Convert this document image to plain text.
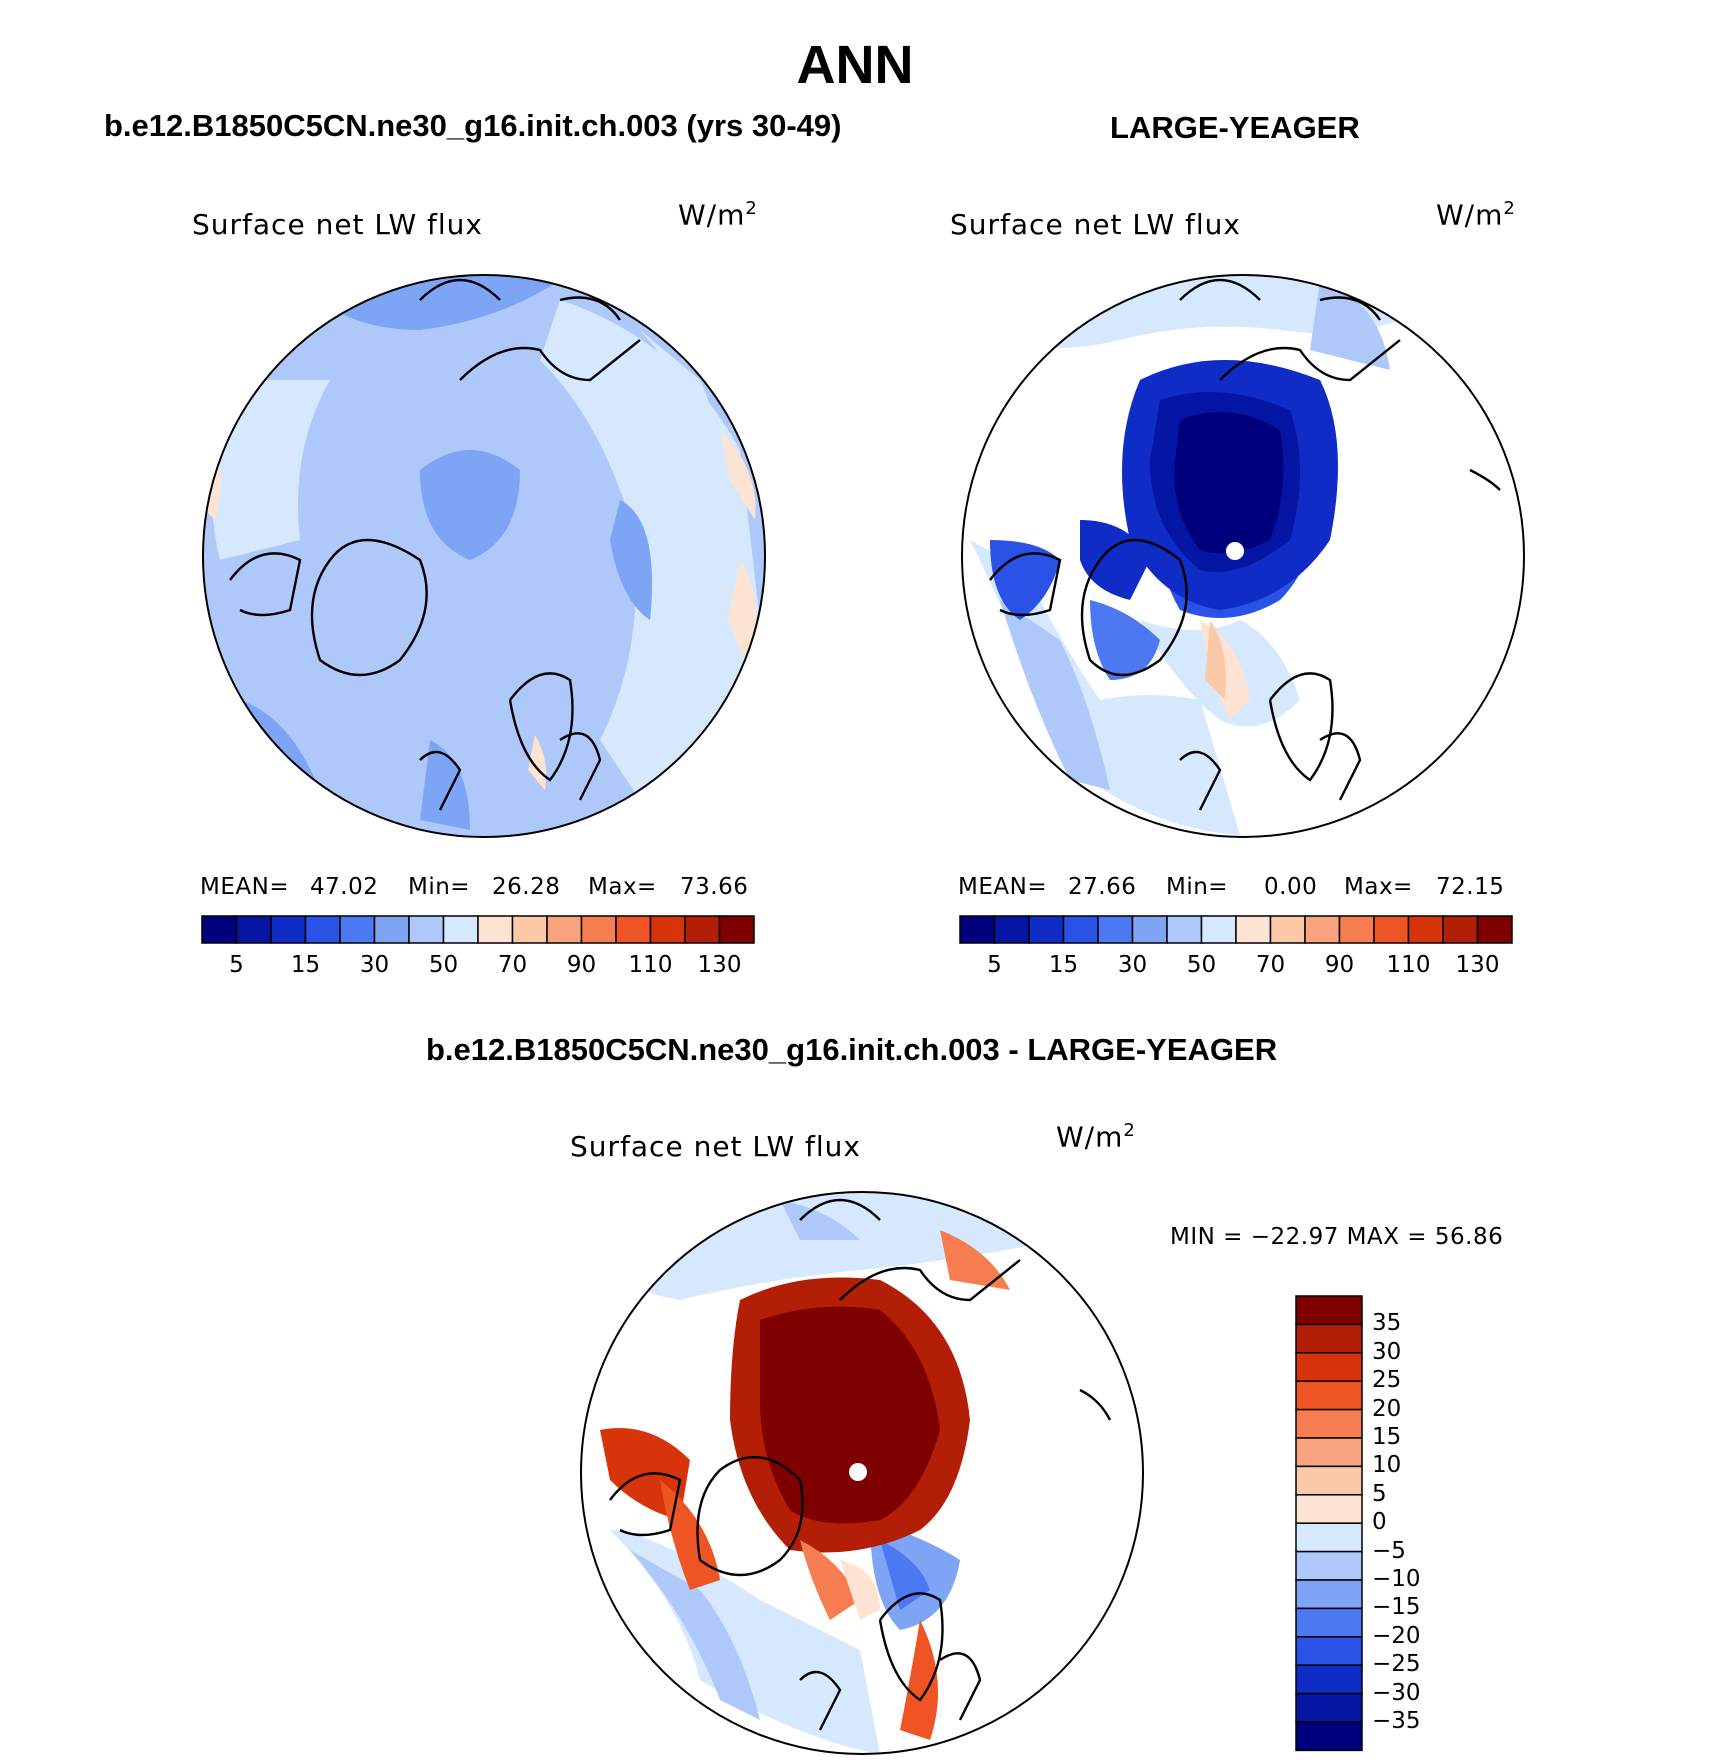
ANN
b.e12.B1850C5CN.ne30_g16.init.ch.003 (yrs 30-49)	LARGE-YEAGER
b.e12.B1850C5CN.ne30_g16.init.ch.003 - LARGE-YEAGER
Surface net LW flux	Surface net LW flux
Surface net LW flux
$W/m^2$	$W/m^2$
$W/m^2$
MEAN= 47.02 Min= 26.28 Max= 73.66	MEAN= 27.66 Min= 0.00 Max= 72.15
MIN = −22.97 MAX = 56.86
5	15	30	50	70	90	110	130	5	15	30	50	70	90	110	130
35
30
25
20
15
10
5
0
−5
−10
−15
−20
−25
−30
−35
